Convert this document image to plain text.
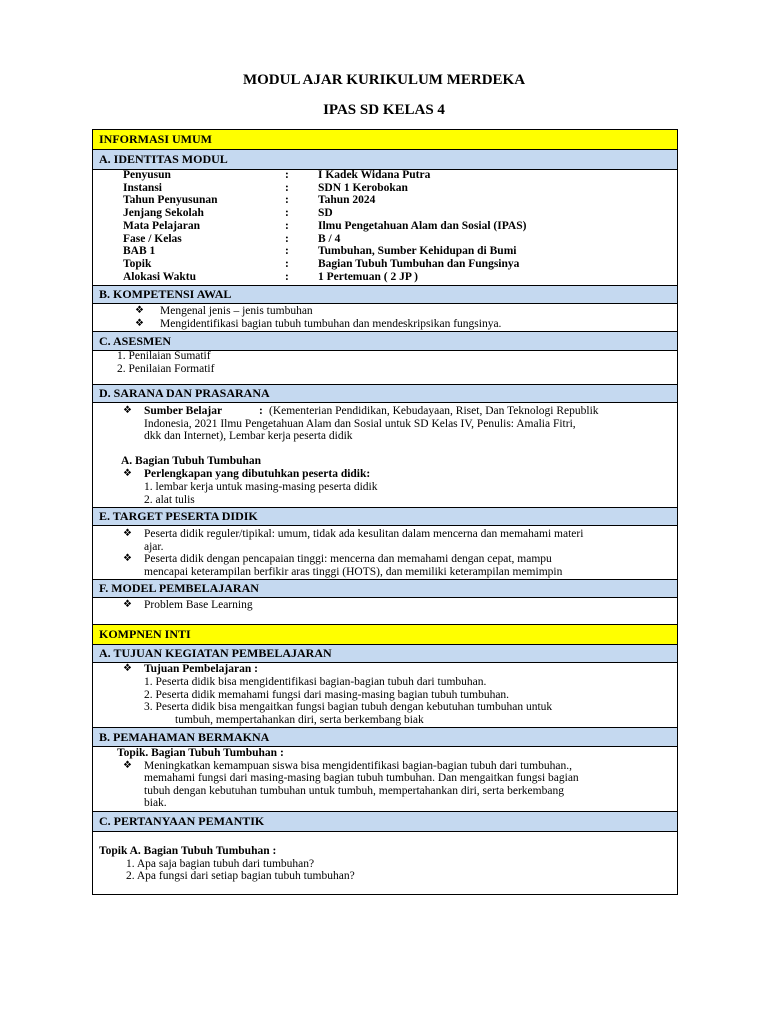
MODUL AJAR KURIKULUM MERDEKA
IPAS SD KELAS 4
INFORMASI UMUM
A. IDENTITAS MODUL
Penyusun	:	I Kadek Widana Putra
Instansi	:	SDN 1 Kerobokan
Tahun Penyusunan	:	Tahun 2024
Jenjang Sekolah	:	SD
Mata Pelajaran	:	Ilmu Pengetahuan Alam dan Sosial (IPAS)
Fase / Kelas	:	B / 4
BAB 1	:	Tumbuhan, Sumber Kehidupan di Bumi
Topik	:	Bagian Tubuh Tumbuhan dan Fungsinya
Alokasi Waktu	:	1 Pertemuan ( 2 JP )
B. KOMPETENSI AWAL
❖ Mengenal jenis – jenis tumbuhan
❖ Mengidentifikasi bagian tubuh tumbuhan dan mendeskripsikan fungsinya.
C. ASESMEN
1. Penilaian Sumatif
2. Penilaian Formatif
D. SARANA DAN PRASARANA
❖ Sumber Belajar	: (Kementerian Pendidikan, Kebudayaan, Riset, Dan Teknologi Republik
Indonesia, 2021 Ilmu Pengetahuan Alam dan Sosial untuk SD Kelas IV, Penulis: Amalia Fitri,
dkk dan Internet), Lembar kerja peserta didik
A. Bagian Tubuh Tumbuhan
❖ Perlengkapan yang dibutuhkan peserta didik:
1. lembar kerja untuk masing-masing peserta didik
2. alat tulis
E. TARGET PESERTA DIDIK
❖ Peserta didik reguler/tipikal: umum, tidak ada kesulitan dalam mencerna dan memahami materi
ajar.
❖ Peserta didik dengan pencapaian tinggi: mencerna dan memahami dengan cepat, mampu
mencapai keterampilan berfikir aras tinggi (HOTS), dan memiliki keterampilan memimpin
F. MODEL PEMBELAJARAN
❖ Problem Base Learning
KOMPNEN INTI
A. TUJUAN KEGIATAN PEMBELAJARAN
❖ Tujuan Pembelajaran :
1. Peserta didik bisa mengidentifikasi bagian-bagian tubuh dari tumbuhan.
2. Peserta didik memahami fungsi dari masing-masing bagian tubuh tumbuhan.
3. Peserta didik bisa mengaitkan fungsi bagian tubuh dengan kebutuhan tumbuhan untuk
tumbuh, mempertahankan diri, serta berkembang biak
B. PEMAHAMAN BERMAKNA
Topik. Bagian Tubuh Tumbuhan :
❖ Meningkatkan kemampuan siswa bisa mengidentifikasi bagian-bagian tubuh dari tumbuhan.,
memahami fungsi dari masing-masing bagian tubuh tumbuhan. Dan mengaitkan fungsi bagian
tubuh dengan kebutuhan tumbuhan untuk tumbuh, mempertahankan diri, serta berkembang
biak.
C. PERTANYAAN PEMANTIK
Topik A. Bagian Tubuh Tumbuhan :
1. Apa saja bagian tubuh dari tumbuhan?
2. Apa fungsi dari setiap bagian tubuh tumbuhan?
